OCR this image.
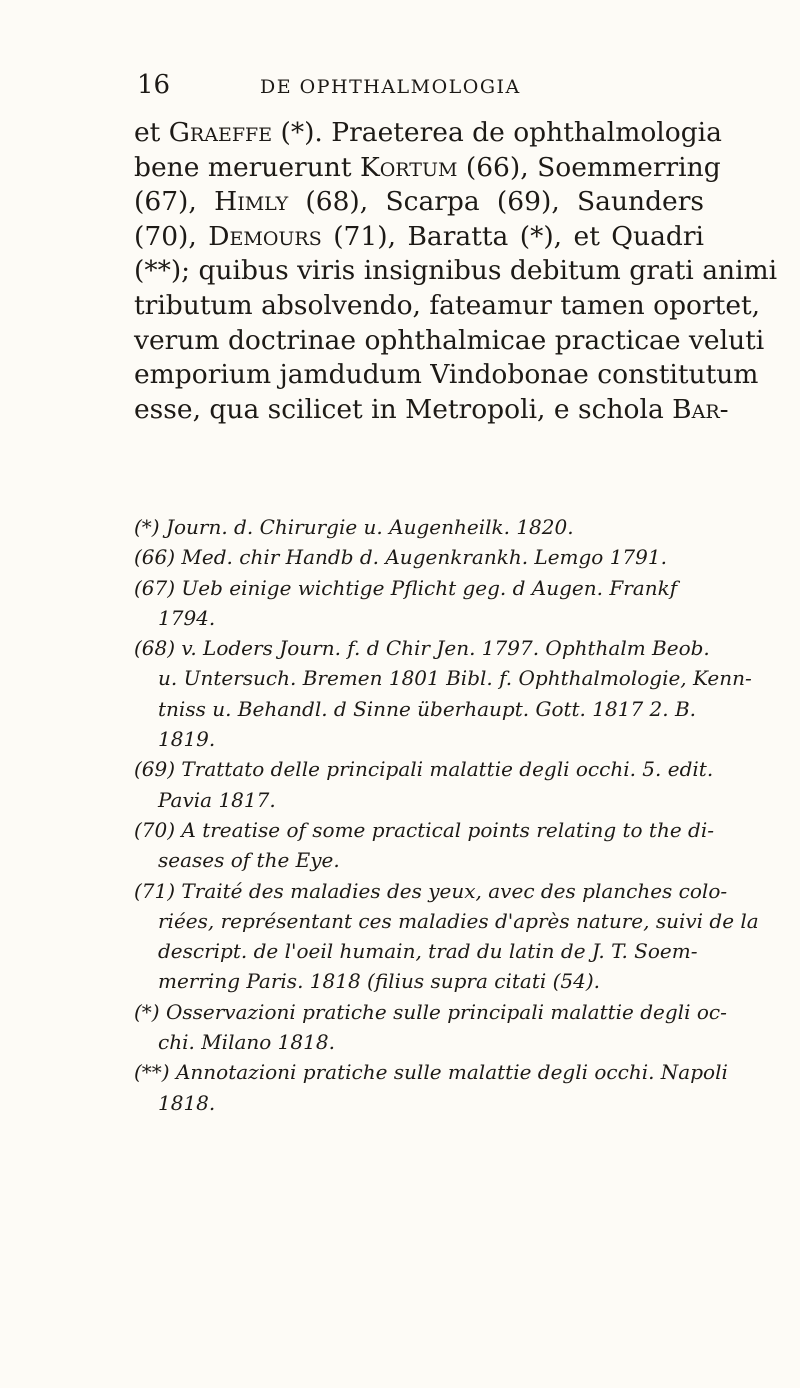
16	DE OPHTHALMOLOGIA
et Graeffe (*). Praeterea de ophthalmologia
bene meruerunt Kortum (66), Soemmerring
(67), Himly (68), Scarpa (69), Saunders
(70), Demours (71), Baratta (*), et Quadri
(**); quibus viris insignibus debitum grati animi
tributum absolvendo, fateamur tamen oportet,
verum doctrinae ophthalmicae practicae veluti
emporium jamdudum Vindobonae constitutum
esse, qua scilicet in Metropoli, e schola Bar-
(*) Journ. d. Chirurgie u. Augenheilk. 1820.
(66) Med. chir Handb d. Augenkrankh. Lemgo 1791.
(67) Ueb einige wichtige Pflicht geg. d Augen. Frankf
1794.
(68) v. Loders Journ. f. d Chir Jen. 1797. Ophthalm Beob.
u. Untersuch. Bremen 1801 Bibl. f. Ophthalmologie, Kenn-
tniss u. Behandl. d Sinne überhaupt. Gott. 1817 2. B.
1819.
(69) Trattato delle principali malattie degli occhi. 5. edit.
Pavia 1817.
(70) A treatise of some practical points relating to the di-
seases of the Eye.
(71) Traité des maladies des yeux, avec des planches colo-
riées, représentant ces maladies d'après nature, suivi de la
descript. de l'oeil humain, trad du latin de J. T. Soem-
merring Paris. 1818 (filius supra citati (54).
(*) Osservazioni pratiche sulle principali malattie degli oc-
chi. Milano 1818.
(**) Annotazioni pratiche sulle malattie degli occhi. Napoli
1818.
